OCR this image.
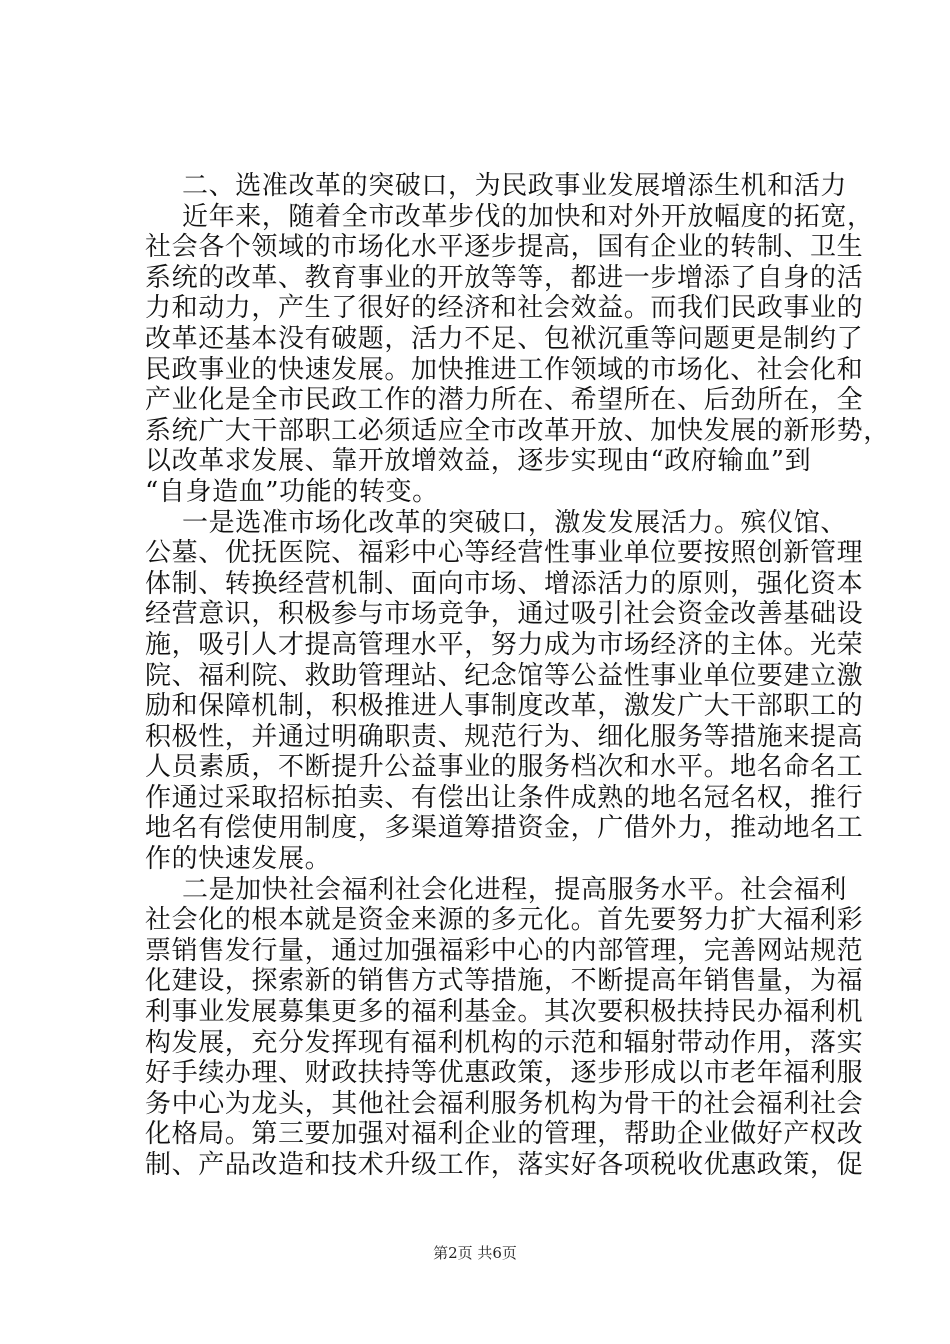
二、选准改革的突破口，为民政事业发展增添生机和活力
近年来，随着全市改革步伐的加快和对外开放幅度的拓宽，
社会各个领域的市场化水平逐步提高，国有企业的转制、卫生
系统的改革、教育事业的开放等等，都进一步增添了自身的活
力和动力，产生了很好的经济和社会效益。而我们民政事业的
改革还基本没有破题，活力不足、包袱沉重等问题更是制约了
民政事业的快速发展。加快推进工作领域的市场化、社会化和
产业化是全市民政工作的潜力所在、希望所在、后劲所在，全
系统广大干部职工必须适应全市改革开放、加快发展的新形势，
以改革求发展、靠开放增效益，逐步实现由“政府输血”到
“自身造血”功能的转变。
一是选准市场化改革的突破口，激发发展活力。殡仪馆、
公墓、优抚医院、福彩中心等经营性事业单位要按照创新管理
体制、转换经营机制、面向市场、增添活力的原则，强化资本
经营意识，积极参与市场竞争，通过吸引社会资金改善基础设
施，吸引人才提高管理水平，努力成为市场经济的主体。光荣
院、福利院、救助管理站、纪念馆等公益性事业单位要建立激
励和保障机制，积极推进人事制度改革，激发广大干部职工的
积极性，并通过明确职责、规范行为、细化服务等措施来提高
人员素质，不断提升公益事业的服务档次和水平。地名命名工
作通过采取招标拍卖、有偿出让条件成熟的地名冠名权，推行
地名有偿使用制度，多渠道筹措资金，广借外力，推动地名工
作的快速发展。
二是加快社会福利社会化进程，提高服务水平。社会福利
社会化的根本就是资金来源的多元化。首先要努力扩大福利彩
票销售发行量，通过加强福彩中心的内部管理，完善网站规范
化建设，探索新的销售方式等措施，不断提高年销售量，为福
利事业发展募集更多的福利基金。其次要积极扶持民办福利机
构发展，充分发挥现有福利机构的示范和辐射带动作用，落实
好手续办理、财政扶持等优惠政策，逐步形成以市老年福利服
务中心为龙头，其他社会福利服务机构为骨干的社会福利社会
化格局。第三要加强对福利企业的管理，帮助企业做好产权改
制、产品改造和技术升级工作，落实好各项税收优惠政策，促
第2页 共6页
